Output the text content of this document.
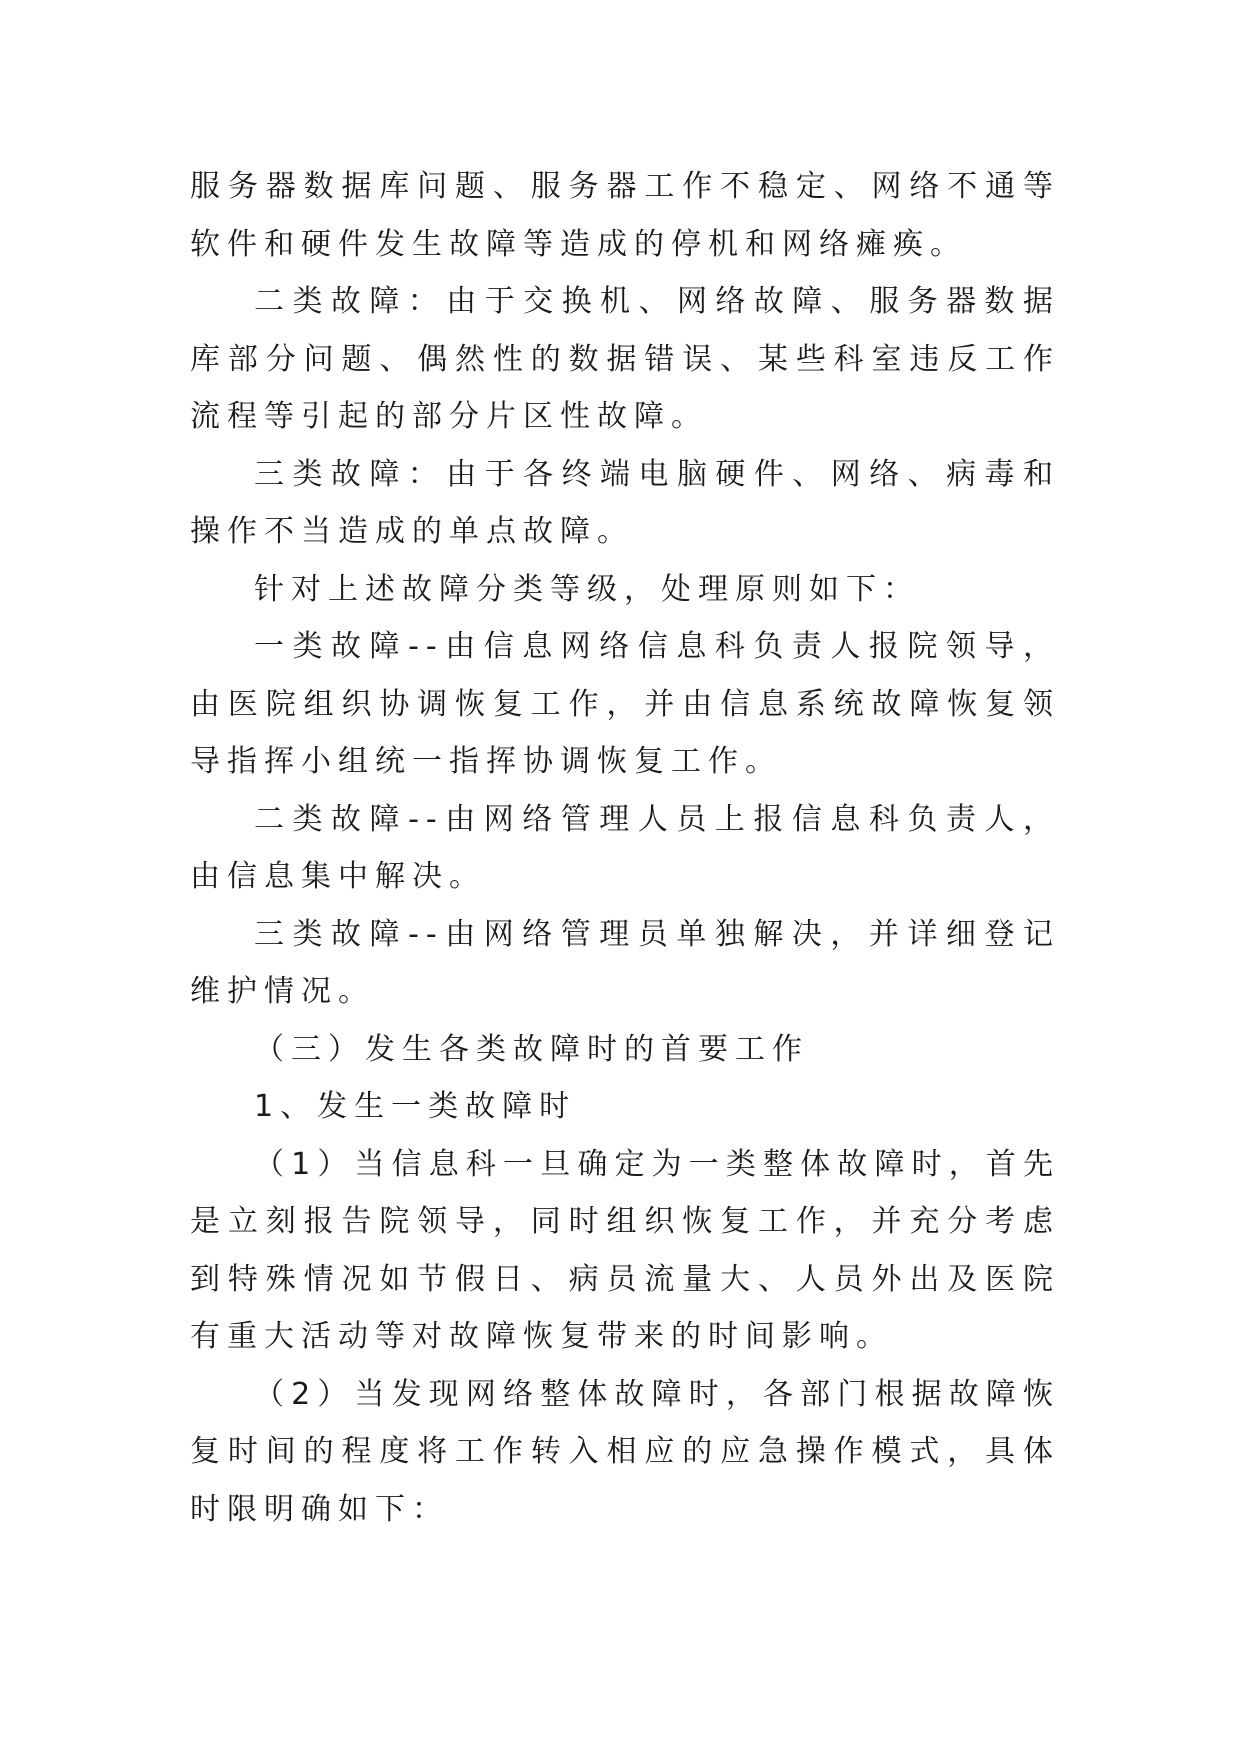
服务器数据库问题、服务器工作不稳定、网络不通等软件和硬件发生故障等造成的停机和网络瘫痪。

二类故障：由于交换机、网络故障、服务器数据库部分问题、偶然性的数据错误、某些科室违反工作流程等引起的部分片区性故障。

三类故障：由于各终端电脑硬件、网络、病毒和操作不当造成的单点故障。

针对上述故障分类等级，处理原则如下：

一类故障--由信息网络信息科负责人报院领导，由医院组织协调恢复工作，并由信息系统故障恢复领导指挥小组统一指挥协调恢复工作。

二类故障--由网络管理人员上报信息科负责人，由信息集中解决。

三类故障--由网络管理员单独解决，并详细登记维护情况。

（三）发生各类故障时的首要工作

1、发生一类故障时

（1）当信息科一旦确定为一类整体故障时，首先是立刻报告院领导，同时组织恢复工作，并充分考虑到特殊情况如节假日、病员流量大、人员外出及医院有重大活动等对故障恢复带来的时间影响。

（2）当发现网络整体故障时，各部门根据故障恢复时间的程度将工作转入相应的应急操作模式，具体时限明确如下：
